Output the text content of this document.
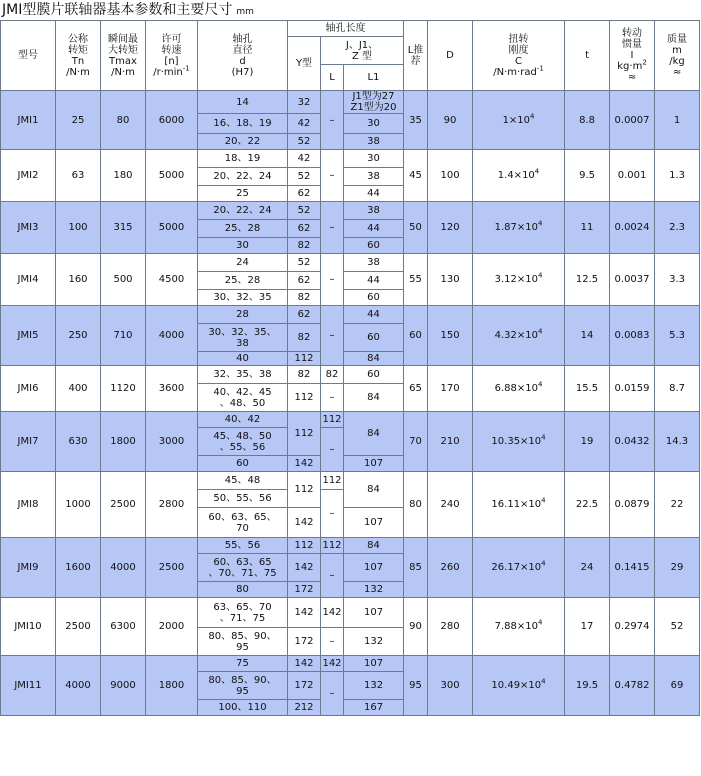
JMI型膜片联轴器基本参数和主要尺寸 mm
型号	公称
转矩
Tn
/N·m	瞬间最
大转矩
Tmax
/N·m	许可
转速
[n]
$/r\cdot\min^{-1}$	轴孔
直径
d
(H7)	轴孔长度			L推
荐	D	扭转
刚度
C
/N·m·rad$^{-1}$	t	转动
惯量
I
$kg\cdot m^2$
≈	质量
m
/kg
≈
					Y型	J、J1、
Z 型							
						L	L1						
JMI1	25	80	6000	14	32	–	J1型为27
Z1型为20	35	90	$1\times 10^4$	8.8	0.0007	1
				16、18、19	42		30						
				20、22	52		38						
JMI2	63	180	5000	18、19	42	–	30	45	100	$1.4\times 10^4$	9.5	0.001	1.3
				20、22、24	52		38						
				25	62		44						
JMI3	100	315	5000	20、22、24	52	–	38	50	120	$1.87\times 10^4$	11	0.0024	2.3
				25、28	62		44						
				30	82		60						
JMI4	160	500	4500	24	52	–	38	55	130	$3.12\times 10^4$	12.5	0.0037	3.3
				25、28	62		44						
				30、32、35	82		60						
JMI5	250	710	4000	28	62	–	44	60	150	$4.32\times 10^4$	14	0.0083	5.3
				30、32、35、
38	82		60						
				40	112		84						
JMI6	400	1120	3600	32、35、38	82	82	60	65	170	$6.88\times 10^4$	15.5	0.0159	8.7
				40、42、45
、48、50	112	–	84						
JMI7	630	1800	3000	40、42	112	112	84	70	210	$10.35\times 10^4$	19	0.0432	14.3
				45、48、50
、55、56		–							
				60	142		107						
JMI8	1000	2500	2800	45、48	112	112	84	80	240	$16.11\times 10^4$	22.5	0.0879	22
				50、55、56		–							
				60、63、65、
70	142		107						
JMI9	1600	4000	2500	55、56	112	112	84	85	260	$26.17\times 10^4$	24	0.1415	29
				60、63、65
、70、71、75	142	–	107						
				80	172		132						
JMI10	2500	6300	2000	63、65、70
、71、75	142	142	107	90	280	$7.88\times 10^4$	17	0.2974	52
				80、85、90、
95	172	–	132						
JMI11	4000	9000	1800	75	142	142	107	95	300	$10.49\times 10^4$	19.5	0.4782	69
				80、85、90、
95	172	–	132						
				100、110	212		167						
